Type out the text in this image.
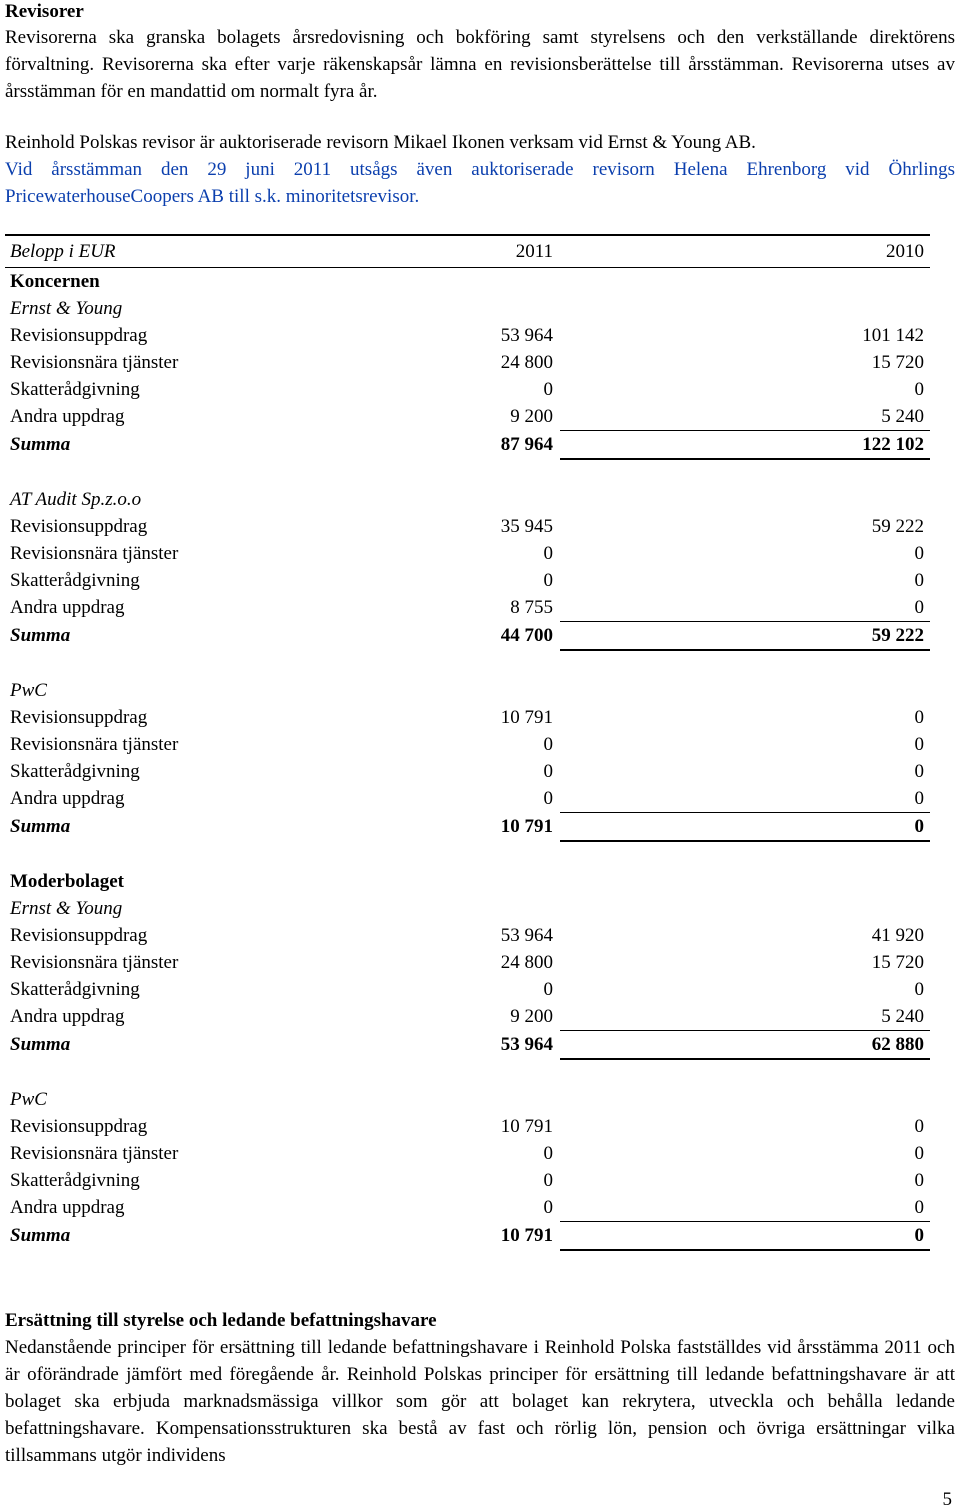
Revisorer

Revisorerna ska granska bolagets årsredovisning och bokföring samt styrelsens och den verkställande direktörens förvaltning. Revisorerna ska efter varje räkenskapsår lämna en revisionsberättelse till årsstämman. Revisorerna utses av årsstämman för en mandattid om normalt fyra år.

Reinhold Polskas revisor är auktoriserade revisorn Mikael Ikonen verksam vid Ernst & Young AB.

Vid årsstämman den 29 juni 2011 utsågs även auktoriserade revisorn Helena Ehrenborg vid Öhrlings PricewaterhouseCoopers AB till s.k. minoritetsrevisor.

Belopp i EUR	2011	2010
Koncernen
Ernst & Young
Revisionsuppdrag	53 964	101 142
Revisionsnära tjänster	24 800	15 720
Skatterådgivning	0	0
Andra uppdrag	9 200	5 240
Summa	87 964	122 102
AT Audit Sp.z.o.o
Revisionsuppdrag	35 945	59 222
Revisionsnära tjänster	0	0
Skatterådgivning	0	0
Andra uppdrag	8 755	0
Summa	44 700	59 222
PwC
Revisionsuppdrag	10 791	0
Revisionsnära tjänster	0	0
Skatterådgivning	0	0
Andra uppdrag	0	0
Summa	10 791	0
Moderbolaget
Ernst & Young
Revisionsuppdrag	53 964	41 920
Revisionsnära tjänster	24 800	15 720
Skatterådgivning	0	0
Andra uppdrag	9 200	5 240
Summa	53 964	62 880
PwC
Revisionsuppdrag	10 791	0
Revisionsnära tjänster	0	0
Skatterådgivning	0	0
Andra uppdrag	0	0
Summa	10 791	0
Ersättning till styrelse och ledande befattningshavare

Nedanstående principer för ersättning till ledande befattningshavare i Reinhold Polska fastställdes vid årsstämma 2011 och är oförändrade jämfört med föregående år. Reinhold Polskas principer för ersättning till ledande befattningshavare är att bolaget ska erbjuda marknadsmässiga villkor som gör att bolaget kan rekrytera, utveckla och behålla ledande befattningshavare. Kompensationsstrukturen ska bestå av fast och rörlig lön, pension och övriga ersättningar vilka tillsammans utgör individens

5
